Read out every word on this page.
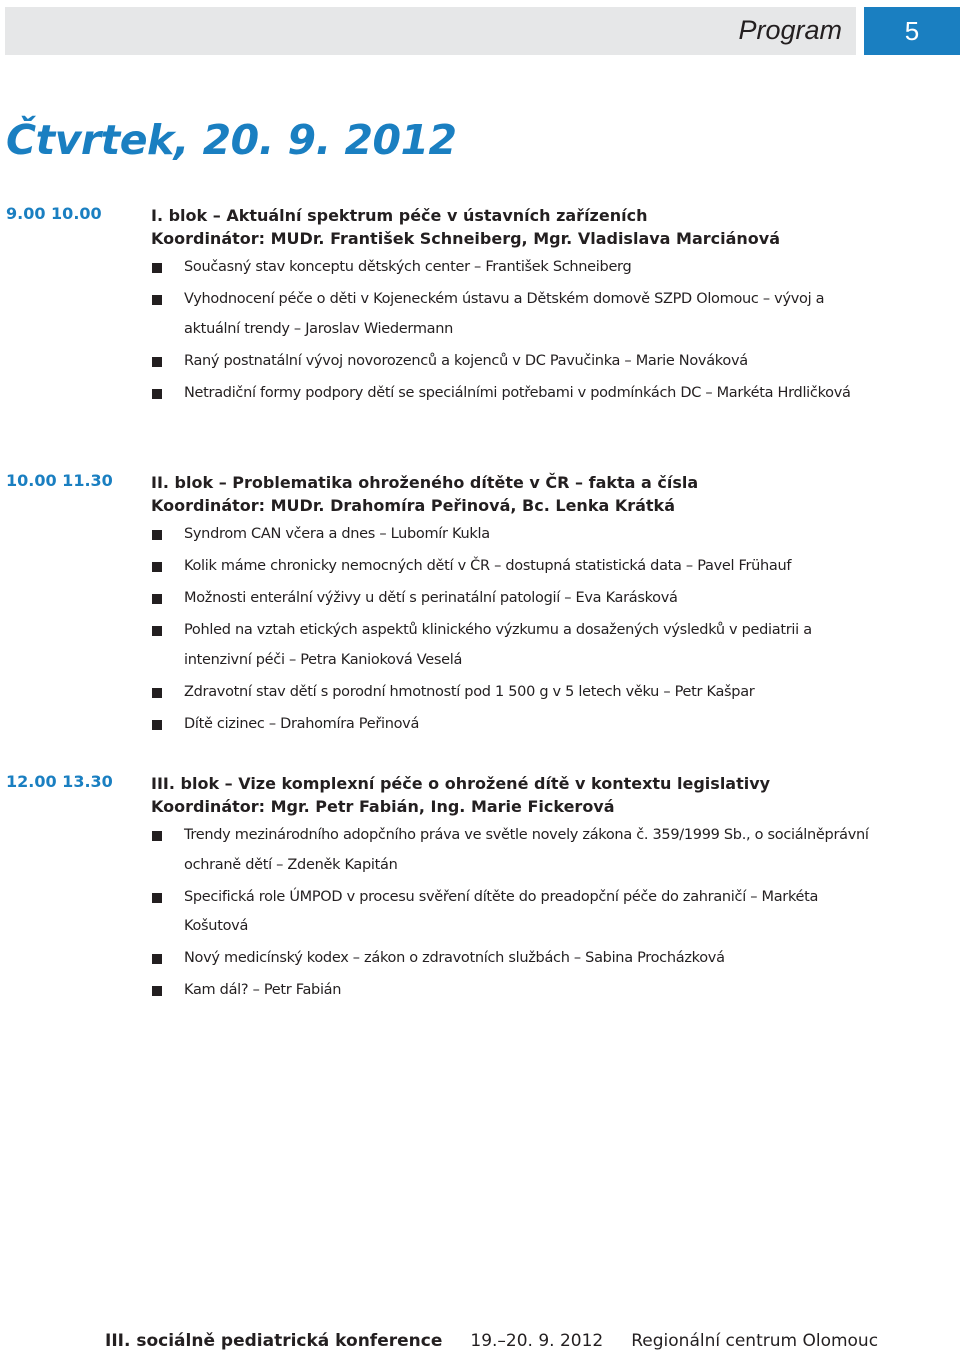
Program	5
Čtvrtek, 20. 9. 2012
9.00 10.00	I. blok – Aktuální spektrum péče v ústavních zařízeních
Koordinátor: MUDr. František Schneiberg, Mgr. Vladislava Marciánová
Současný stav konceptu dětských center – František Schneiberg
Vyhodnocení péče o děti v Kojeneckém ústavu a Dětském domově SZPD Olomouc – vývoj a aktuální trendy – Jaroslav Wiedermann
Raný postnatální vývoj novorozenců a kojenců v DC Pavučinka – Marie Nováková
Netradiční formy podpory dětí se speciálními potřebami v podmínkách DC – Markéta Hrdličková
10.00 11.30 II. blok – Problematika ohroženého dítěte v ČR – fakta a čísla
Koordinátor: MUDr. Drahomíra Peřinová, Bc. Lenka Krátká
Syndrom CAN včera a dnes – Lubomír Kukla
Kolik máme chronicky nemocných dětí v ČR – dostupná statistická data – Pavel Frühauf
Možnosti enterální výživy u dětí s perinatální patologií – Eva Karásková
Pohled na vztah etických aspektů klinického výzkumu a dosažených výsledků v pediatrii a intenzivní péči – Petra Kanioková Veselá
Zdravotní stav dětí s porodní hmotností pod 1 500 g v 5 letech věku – Petr Kašpar
Dítě cizinec – Drahomíra Peřinová
12.00 13.30 III. blok – Vize komplexní péče o ohrožené dítě v kontextu legislativy
Koordinátor: Mgr. Petr Fabián, Ing. Marie Fickerová
Trendy mezinárodního adopčního práva ve světle novely zákona č. 359/1999 Sb., o sociálněprávní ochraně dětí – Zdeněk Kapitán
Specifická role ÚMPOD v procesu svěření dítěte do preadopční péče do zahraničí – Markéta Košutová
Nový medicínský kodex – zákon o zdravotních službách – Sabina Procházková
Kam dál? – Petr Fabián
III. sociálně pediatrická konference 19.–20. 9. 2012 Regionální centrum Olomouc
